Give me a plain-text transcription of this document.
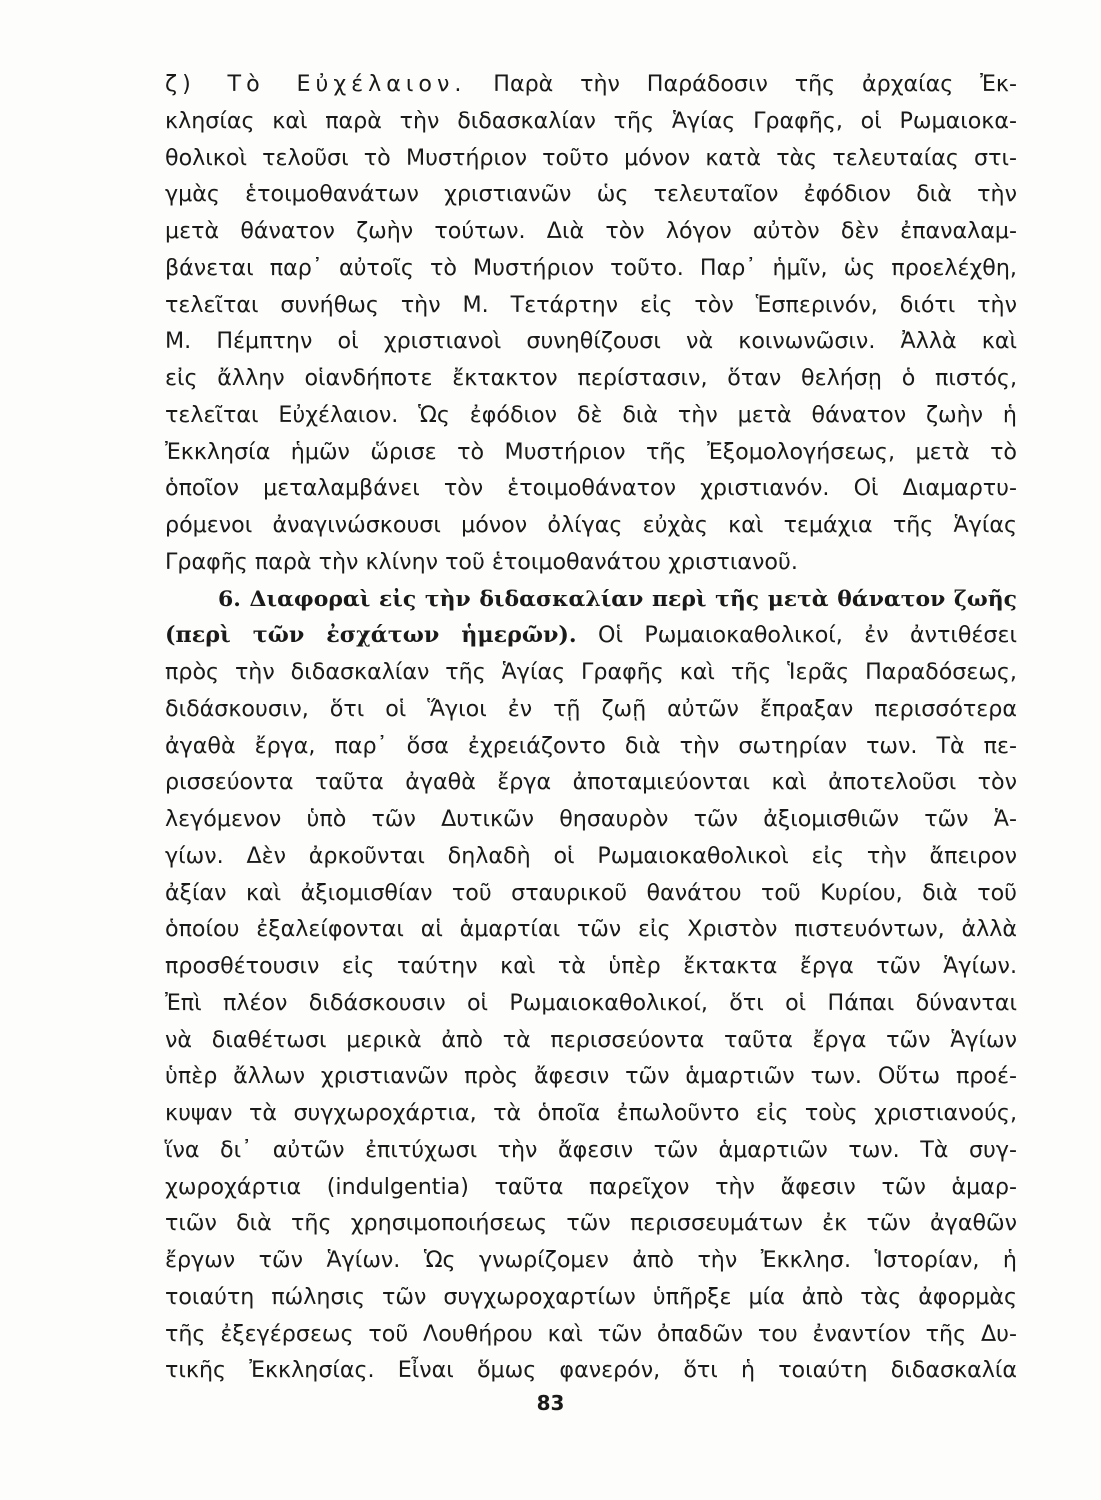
ζ) Τὸ Εὐχέλαιον. Παρὰ τὴν Παράδοσιν τῆς ἀρχαίας Ἐκ-
κλησίας καὶ παρὰ τὴν διδασκαλίαν τῆς Ἁγίας Γραφῆς, οἱ Ρωμαιοκα-
θολικοὶ τελοῦσι τὸ Μυστήριον τοῦτο μόνον κατὰ τὰς τελευταίας στι-
γμὰς ἑτοιμοθανάτων χριστιανῶν ὡς τελευταῖον ἐφόδιον διὰ τὴν
μετὰ θάνατον ζωὴν τούτων. Διὰ τὸν λόγον αὐτὸν δὲν ἐπαναλαμ-
βάνεται παρ᾽ αὐτοῖς τὸ Μυστήριον τοῦτο. Παρ᾽ ἡμῖν, ὡς προελέχθη,
τελεῖται συνήθως τὴν Μ. Τετάρτην εἰς τὸν Ἑσπερινόν, διότι τὴν
Μ. Πέμπτην οἱ χριστιανοὶ συνηθίζουσι νὰ κοινωνῶσιν. Ἀλλὰ καὶ
εἰς ἄλλην οἱανδήποτε ἔκτακτον περίστασιν, ὅταν θελήσῃ ὁ πιστός,
τελεῖται Εὐχέλαιον. Ὡς ἐφόδιον δὲ διὰ τὴν μετὰ θάνατον ζωὴν ἡ
Ἐκκλησία ἡμῶν ὥρισε τὸ Μυστήριον τῆς Ἐξομολογήσεως, μετὰ τὸ
ὁποῖον μεταλαμβάνει τὸν ἑτοιμοθάνατον χριστιανόν. Οἱ Διαμαρτυ-
ρόμενοι ἀναγινώσκουσι μόνον ὀλίγας εὐχὰς καὶ τεμάχια τῆς Ἁγίας
Γραφῆς παρὰ τὴν κλίνην τοῦ ἑτοιμοθανάτου χριστιανοῦ.
6. Διαφοραὶ εἰς τὴν διδασκαλίαν περὶ τῆς μετὰ θάνατον ζωῆς
(περὶ τῶν ἐσχάτων ἡμερῶν). Οἱ Ρωμαιοκαθολικοί, ἐν ἀντιθέσει
πρὸς τὴν διδασκαλίαν τῆς Ἁγίας Γραφῆς καὶ τῆς Ἱερᾶς Παραδόσεως,
διδάσκουσιν, ὅτι οἱ Ἅγιοι ἐν τῇ ζωῇ αὐτῶν ἔπραξαν περισσότερα
ἀγαθὰ ἔργα, παρ᾽ ὅσα ἐχρειάζοντο διὰ τὴν σωτηρίαν των. Τὰ πε-
ρισσεύοντα ταῦτα ἀγαθὰ ἔργα ἀποταμιεύονται καὶ ἀποτελοῦσι τὸν
λεγόμενον ὑπὸ τῶν Δυτικῶν θησαυρὸν τῶν ἀξιομισθιῶν τῶν Ἁ-
γίων. Δὲν ἀρκοῦνται δηλαδὴ οἱ Ρωμαιοκαθολικοὶ εἰς τὴν ἄπειρον
ἀξίαν καὶ ἀξιομισθίαν τοῦ σταυρικοῦ θανάτου τοῦ Κυρίου, διὰ τοῦ
ὁποίου ἐξαλείφονται αἱ ἁμαρτίαι τῶν εἰς Χριστὸν πιστευόντων, ἀλλὰ
προσθέτουσιν εἰς ταύτην καὶ τὰ ὑπὲρ ἔκτακτα ἔργα τῶν Ἁγίων.
Ἐπὶ πλέον διδάσκουσιν οἱ Ρωμαιοκαθολικοί, ὅτι οἱ Πάπαι δύνανται
νὰ διαθέτωσι μερικὰ ἀπὸ τὰ περισσεύοντα ταῦτα ἔργα τῶν Ἁγίων
ὑπὲρ ἄλλων χριστιανῶν πρὸς ἄφεσιν τῶν ἁμαρτιῶν των. Οὕτω προέ-
κυψαν τὰ συγχωροχάρτια, τὰ ὁποῖα ἐπωλοῦντο εἰς τοὺς χριστιανούς,
ἵνα δι᾽ αὐτῶν ἐπιτύχωσι τὴν ἄφεσιν τῶν ἁμαρτιῶν των. Τὰ συγ-
χωροχάρτια (indulgentia) ταῦτα παρεῖχον τὴν ἄφεσιν τῶν ἁμαρ-
τιῶν διὰ τῆς χρησιμοποιήσεως τῶν περισσευμάτων ἐκ τῶν ἀγαθῶν
ἔργων τῶν Ἁγίων. Ὡς γνωρίζομεν ἀπὸ τὴν Ἐκκλησ. Ἱστορίαν, ἡ
τοιαύτη πώλησις τῶν συγχωροχαρτίων ὑπῆρξε μία ἀπὸ τὰς ἀφορμὰς
τῆς ἐξεγέρσεως τοῦ Λουθήρου καὶ τῶν ὀπαδῶν του ἐναντίον τῆς Δυ-
τικῆς Ἐκκλησίας. Εἶναι ὅμως φανερόν, ὅτι ἡ τοιαύτη διδασκαλία
83
